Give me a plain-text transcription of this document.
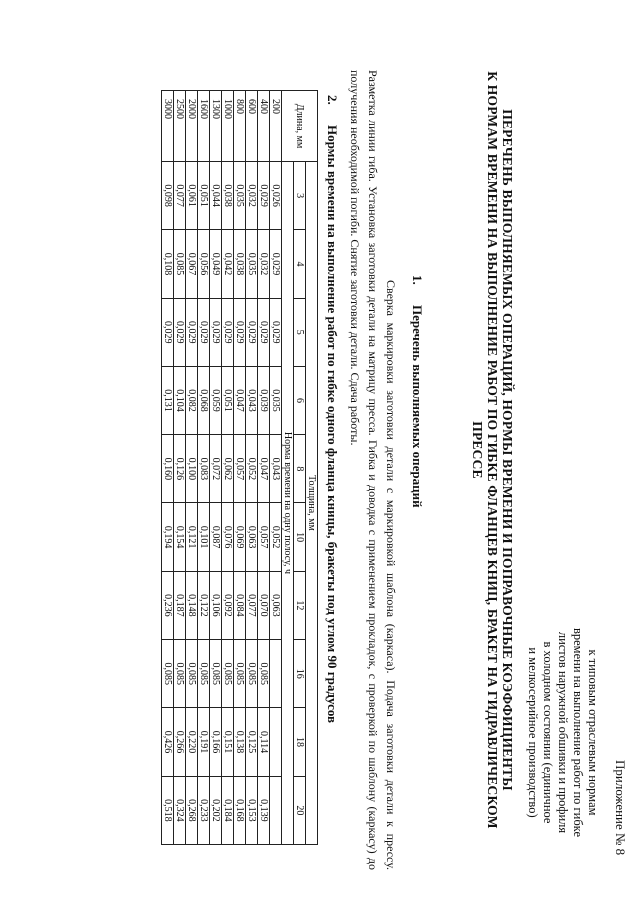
Приложение № 8
к типовым отраслевым нормам
времени на выполнение работ по гибке
листов наружной обшивки и профиля
в холодном состоянии (единичное
и мелкосерийное производство)
ПЕРЕЧЕНЬ ВЫПОЛНЯЕМЫХ ОПЕРАЦИЙ, НОРМЫ ВРЕМЕНИ И ПОПРАВОЧНЫЕ КОЭФФИЦИЕНТЫ
К НОРМАМ ВРЕМЕНИ НА ВЫПОЛНЕНИЕ РАБОТ ПО ГИБКЕ ФЛАНЦЕВ КНИЦ, БРАКЕТ НА ГИДРАВЛИЧЕСКОМ
ПРЕССЕ
1.Перечень выполняемых операций
Сверка маркировки заготовки детали с маркировкой шаблона (каркаса). Подача заготовки детали к прессу. Разметка линии гиба. Установка заготовки детали на матрицу пресса. Гибка и доводка с применением прокладок, с проверкой по шаблону (каркасу) до получения необходимой погиби. Снятие заготовки детали. Сдача работы.
2.Нормы времени на выполнение работ по гибке одного фланца кницы, бракеты под углом 90 градусов
Длина, мм	Толщина, мм									
	3	4	5	6	8	10	12	16	18	20
	Норма времени на одну полосу, ч									
200	0,026	0,029	0,029	0,035	0,043	0,052	0,063			
400	0,029	0,032	0,029	0,039	0,047	0,057	0,070	0,085	0,114	0,139
600	0,032	0,035	0,029	0,043	0,052	0,063	0,077	0,085	0,125	0,153
800	0,035	0,038	0,029	0,047	0,057	0,069	0,084	0,085	0,138	0,168
1000	0,038	0,042	0,029	0,051	0,062	0,076	0,092	0,085	0,151	0,184
1300	0,044	0,049	0,029	0,059	0,072	0,087	0,106	0,085	0,166	0,202
1600	0,051	0,056	0,029	0,068	0,083	0,101	0,122	0,085	0,191	0,233
2000	0,061	0,067	0,029	0,082	0,100	0,121	0,148	0,085	0,220	0,268
2500	0,077	0,085	0,029	0,104	0,126	0,154	0,187	0,085	0,266	0,324
3000	0,098	0,108	0,029	0,131	0,160	0,194	0,236	0,085	0,426	0,518
